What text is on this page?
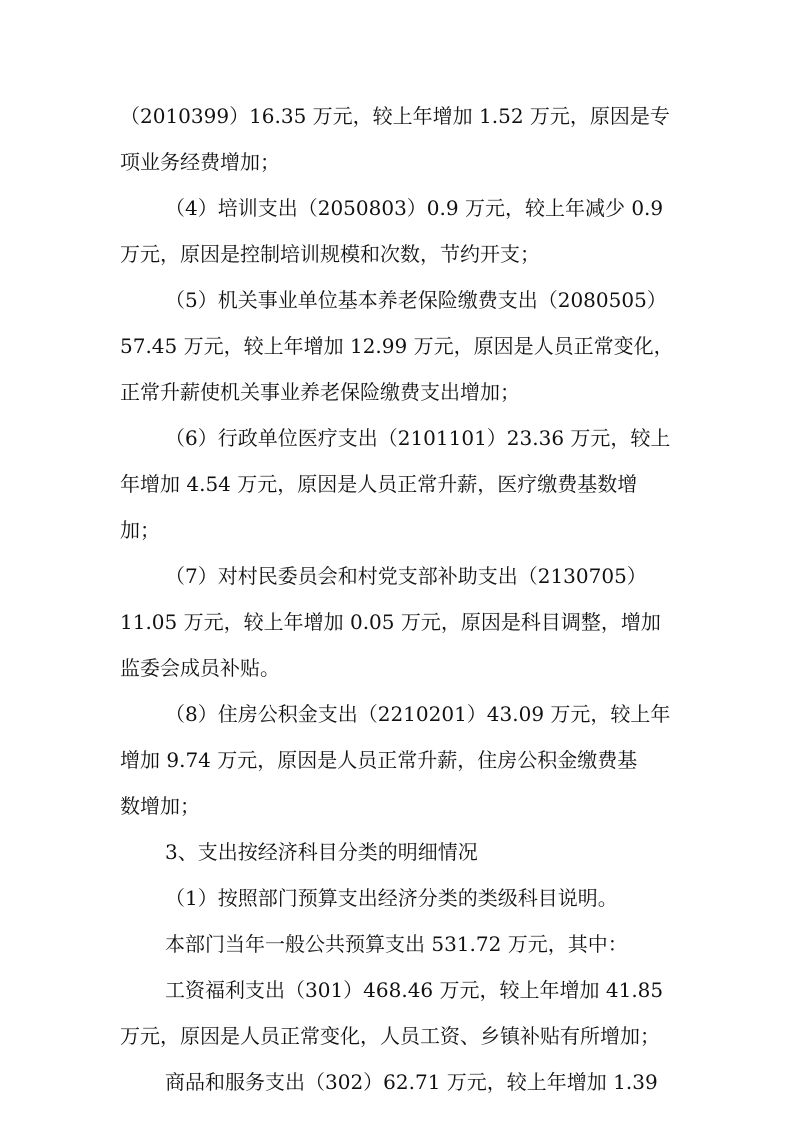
（2010399）16.35 万元，较上年增加 1.52 万元，原因是专
项业务经费增加；
（4）培训支出（2050803）0.9 万元，较上年减少 0.9
万元，原因是控制培训规模和次数，节约开支；
（5）机关事业单位基本养老保险缴费支出（2080505）
57.45 万元，较上年增加 12.99 万元，原因是人员正常变化，
正常升薪使机关事业养老保险缴费支出增加；
（6）行政单位医疗支出（2101101）23.36 万元，较上
年增加 4.54 万元，原因是人员正常升薪，医疗缴费基数增
加；
（7）对村民委员会和村党支部补助支出（2130705）
11.05 万元，较上年增加 0.05 万元，原因是科目调整，增加
监委会成员补贴。
（8）住房公积金支出（2210201）43.09 万元，较上年
增加 9.74 万元，原因是人员正常升薪，住房公积金缴费基
数增加；
3、支出按经济科目分类的明细情况
（1）按照部门预算支出经济分类的类级科目说明。
本部门当年一般公共预算支出 531.72 万元，其中：
工资福利支出（301）468.46 万元，较上年增加 41.85
万元，原因是人员正常变化，人员工资、乡镇补贴有所增加；
商品和服务支出（302）62.71 万元，较上年增加 1.39
